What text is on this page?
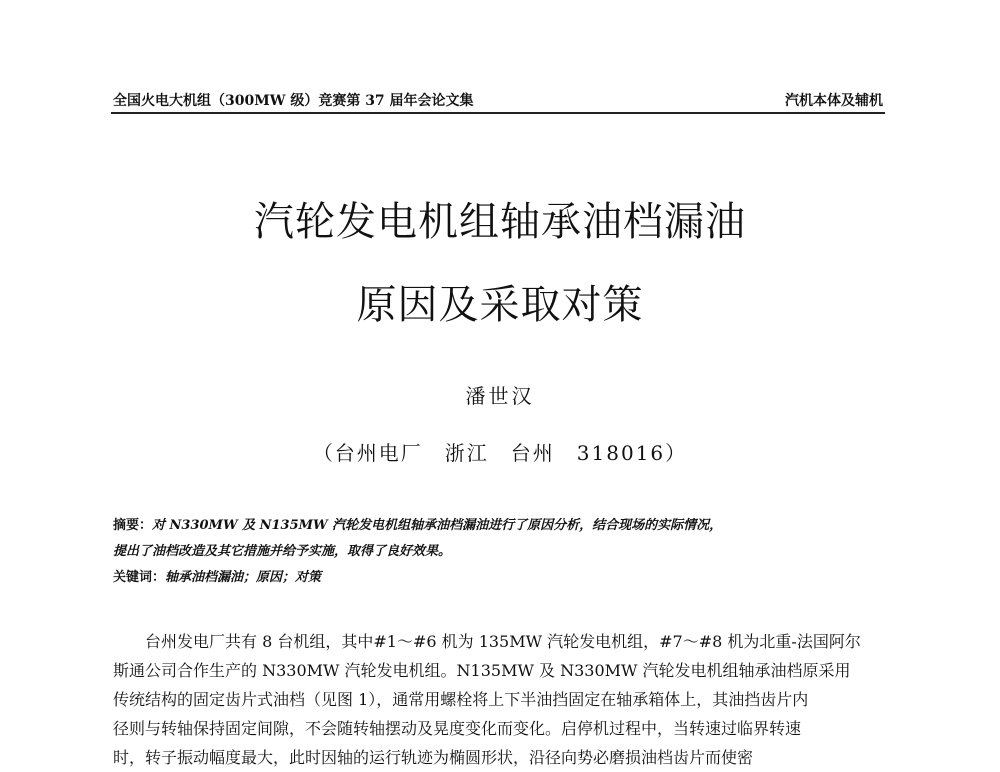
全国火电大机组（300MW 级）竞赛第 37 届年会论文集	汽机本体及辅机
汽轮发电机组轴承油档漏油
原因及采取对策
潘世汉
（台州电厂　浙江　台州　318016）
摘要：对 N330MW 及 N135MW 汽轮发电机组轴承油档漏油进行了原因分析，结合现场的实际情况，
提出了油档改造及其它措施并给予实施，取得了良好效果。
关键词：轴承油档漏油；原因；对策
台州发电厂共有 8 台机组，其中#1～#6 机为 135MW 汽轮发电机组，#7～#8 机为北重-法国阿尔
斯通公司合作生产的 N330MW 汽轮发电机组。N135MW 及 N330MW 汽轮发电机组轴承油档原采用
传统结构的固定齿片式油档（见图 1），通常用螺栓将上下半油挡固定在轴承箱体上，其油挡齿片内
径则与转轴保持固定间隙，不会随转轴摆动及晃度变化而变化。启停机过程中，当转速过临界转速
时，转子振动幅度最大，此时因轴的运行轨迹为椭圆形状，沿径向势必磨损油档齿片而使密
